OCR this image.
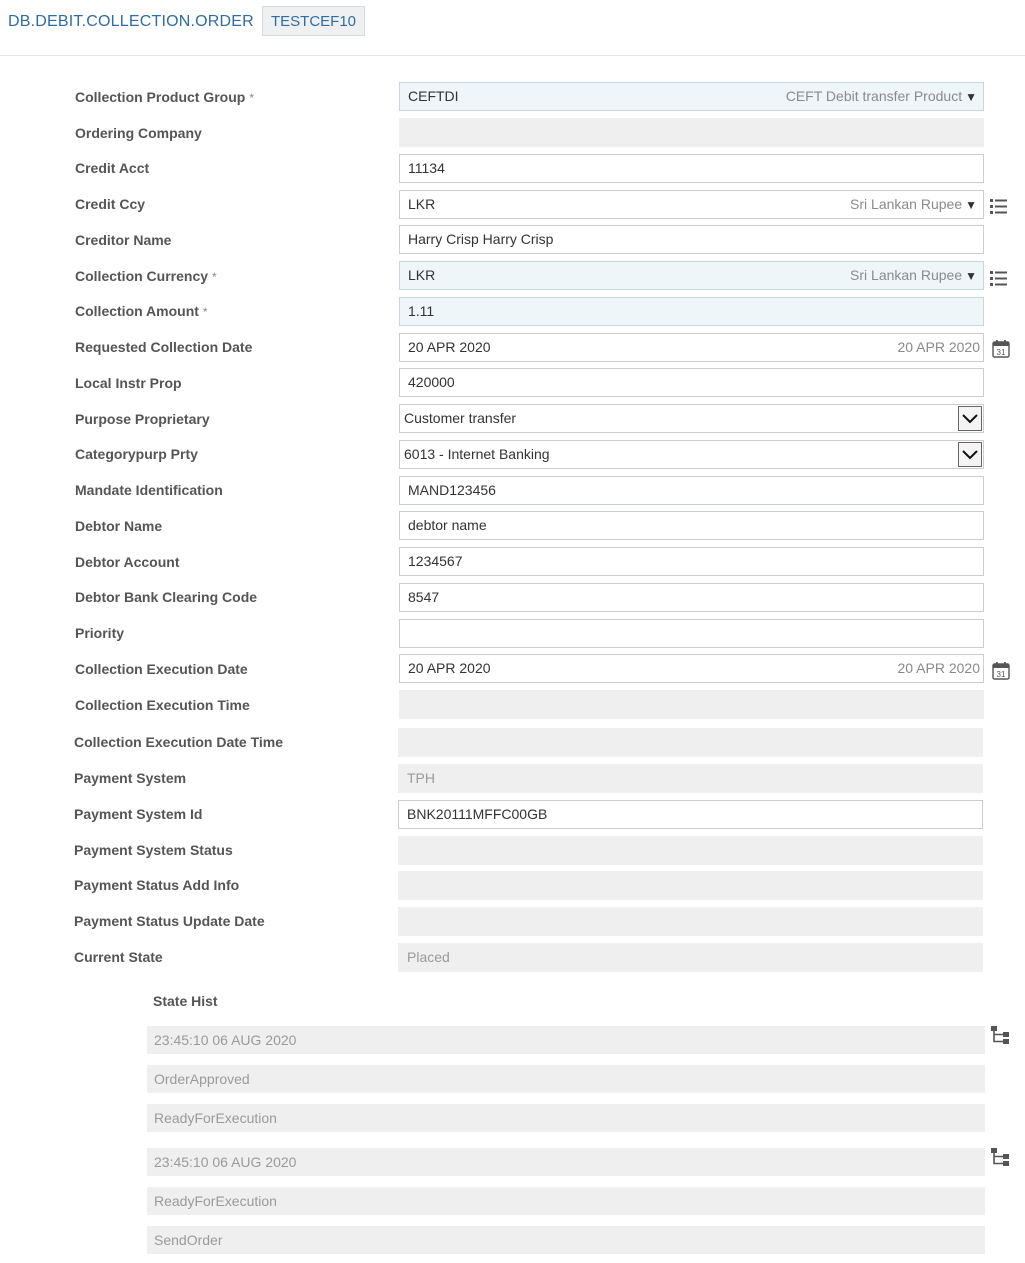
DB.DEBIT.COLLECTION.ORDER	TESTCEF10
Collection Product Group *	CEFTDI	CEFT Debit transfer Product ▼
Ordering Company
Credit Acct	11134
Credit Ccy	LKR	Sri Lankan Rupee ▼
Creditor Name	Harry Crisp Harry Crisp
Collection Currency *	LKR	Sri Lankan Rupee ▼
Collection Amount *	1.11
Requested Collection Date	20 APR 2020	20 APR 2020 31
Local Instr Prop	420000
Purpose Proprietary	Customer transfer
Categorypurp Prty	6013 - Internet Banking
Mandate Identification	MAND123456
Debtor Name	debtor name
Debtor Account	1234567
Debtor Bank Clearing Code	8547
Priority
Collection Execution Date	20 APR 2020	20 APR 2020 31
Collection Execution Time
Collection Execution Date Time
Payment System	TPH
Payment System Id	BNK20111MFFC00GB
Payment System Status
Payment Status Add Info
Payment Status Update Date
Current State	Placed
State Hist
23:45:10 06 AUG 2020
OrderApproved
ReadyForExecution
23:45:10 06 AUG 2020
ReadyForExecution
SendOrder
